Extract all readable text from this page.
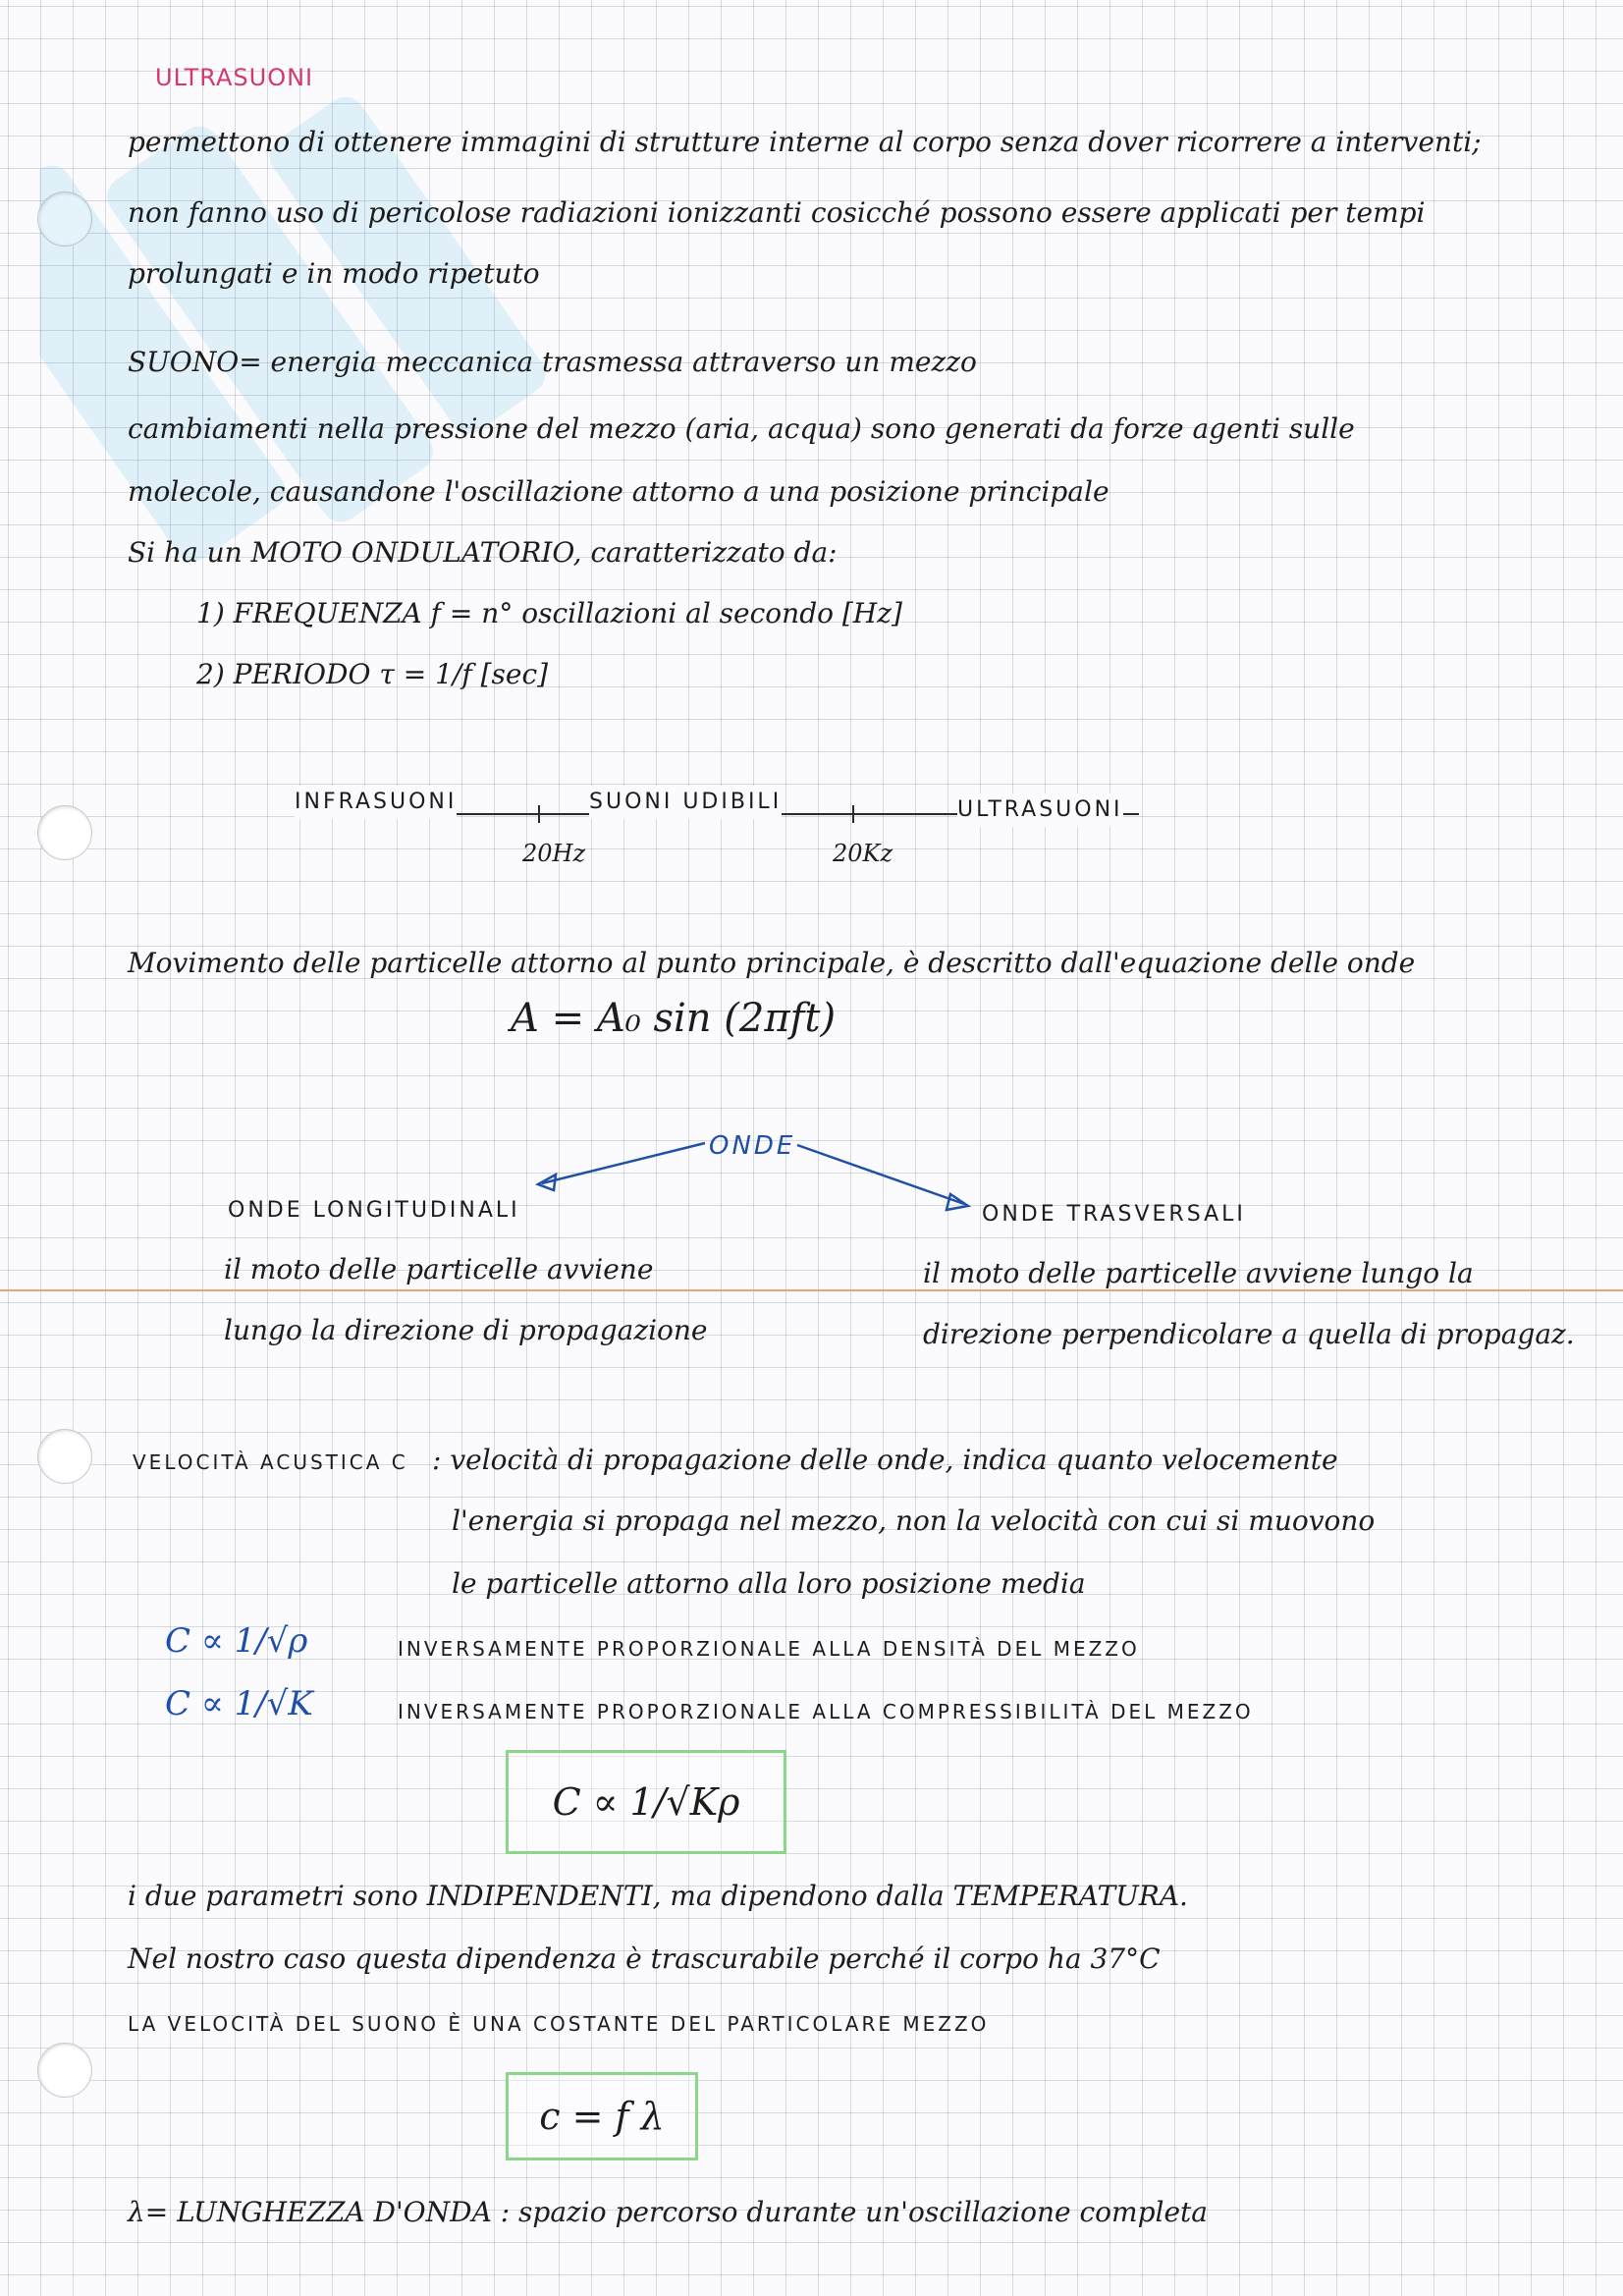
ULTRASUONI
permettono di ottenere immagini di strutture interne al corpo senza dover ricorrere a interventi;
non fanno uso di pericolose radiazioni ionizzanti cosicché possono essere applicati per tempi
prolungati e in modo ripetuto
SUONO= energia meccanica trasmessa attraverso un mezzo
cambiamenti nella pressione del mezzo (aria, acqua) sono generati da forze agenti sulle
molecole, causandone l'oscillazione attorno a una posizione principale
Si ha un MOTO ONDULATORIO, caratterizzato da:
1) FREQUENZA f = n° oscillazioni al secondo [Hz]
2) PERIODO τ = 1/f [sec]
INFRASUONI	SUONI UDIBILI	ULTRASUONI
20Hz	20Kz
Movimento delle particelle attorno al punto principale, è descritto dall'equazione delle onde
A = A₀ sin (2πft)
ONDE
ONDE LONGITUDINALI
il moto delle particelle avviene
lungo la direzione di propagazione
ONDE TRASVERSALI
il moto delle particelle avviene lungo la
direzione perpendicolare a quella di propagaz.
VELOCITÀ ACUSTICA C : velocità di propagazione delle onde, indica quanto velocemente
l'energia si propaga nel mezzo, non la velocità con cui si muovono
le particelle attorno alla loro posizione media
C ∝ 1/√ρ	INVERSAMENTE PROPORZIONALE ALLA DENSITÀ DEL MEZZO
C ∝ 1/√K	INVERSAMENTE PROPORZIONALE ALLA COMPRESSIBILITÀ DEL MEZZO
C ∝ 1/√Kρ
i due parametri sono INDIPENDENTI, ma dipendono dalla TEMPERATURA.
Nel nostro caso questa dipendenza è trascurabile perché il corpo ha 37°C
LA VELOCITÀ DEL SUONO È UNA COSTANTE DEL PARTICOLARE MEZZO
c = f λ
λ= LUNGHEZZA D'ONDA : spazio percorso durante un'oscillazione completa
